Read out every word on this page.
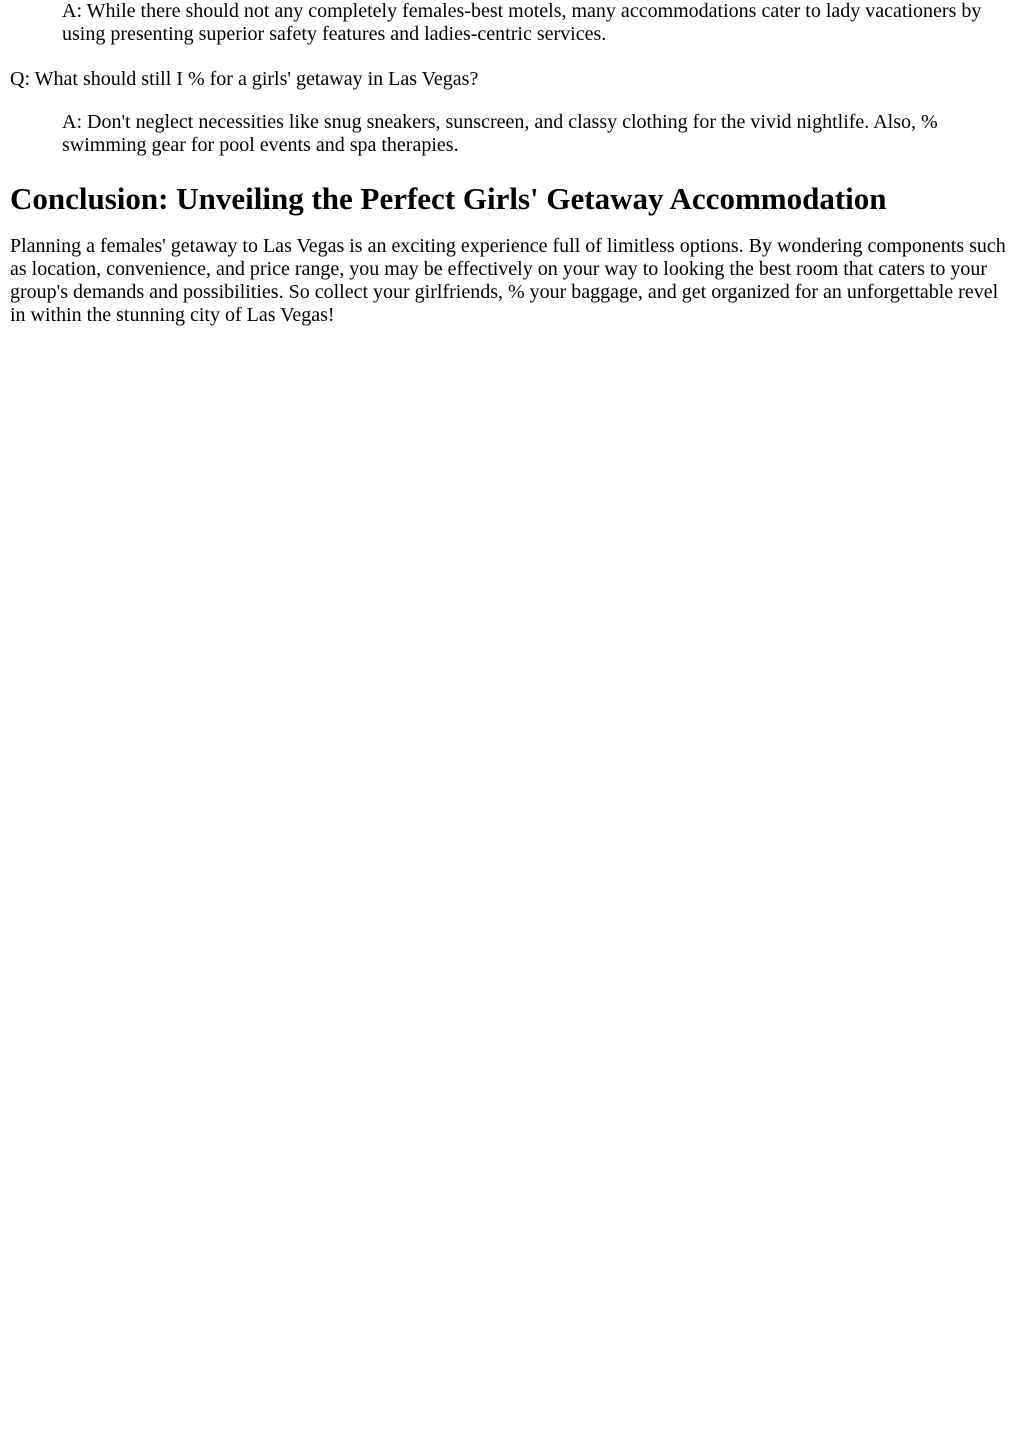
A: While there should not any completely females-best motels, many accommodations cater to lady vacationers by using presenting superior safety features and ladies-centric services.

Q: What should still I % for a girls' getaway in Las Vegas?

A: Don't neglect necessities like snug sneakers, sunscreen, and classy clothing for the vivid nightlife. Also, % swimming gear for pool events and spa therapies.

Conclusion: Unveiling the Perfect Girls' Getaway Accommodation

Planning a females' getaway to Las Vegas is an exciting experience full of limitless options. By wondering components such as location, convenience, and price range, you may be effectively on your way to looking the best room that caters to your group's demands and possibilities. So collect your girlfriends, % your baggage, and get organized for an unforgettable revel in within the stunning city of Las Vegas!
